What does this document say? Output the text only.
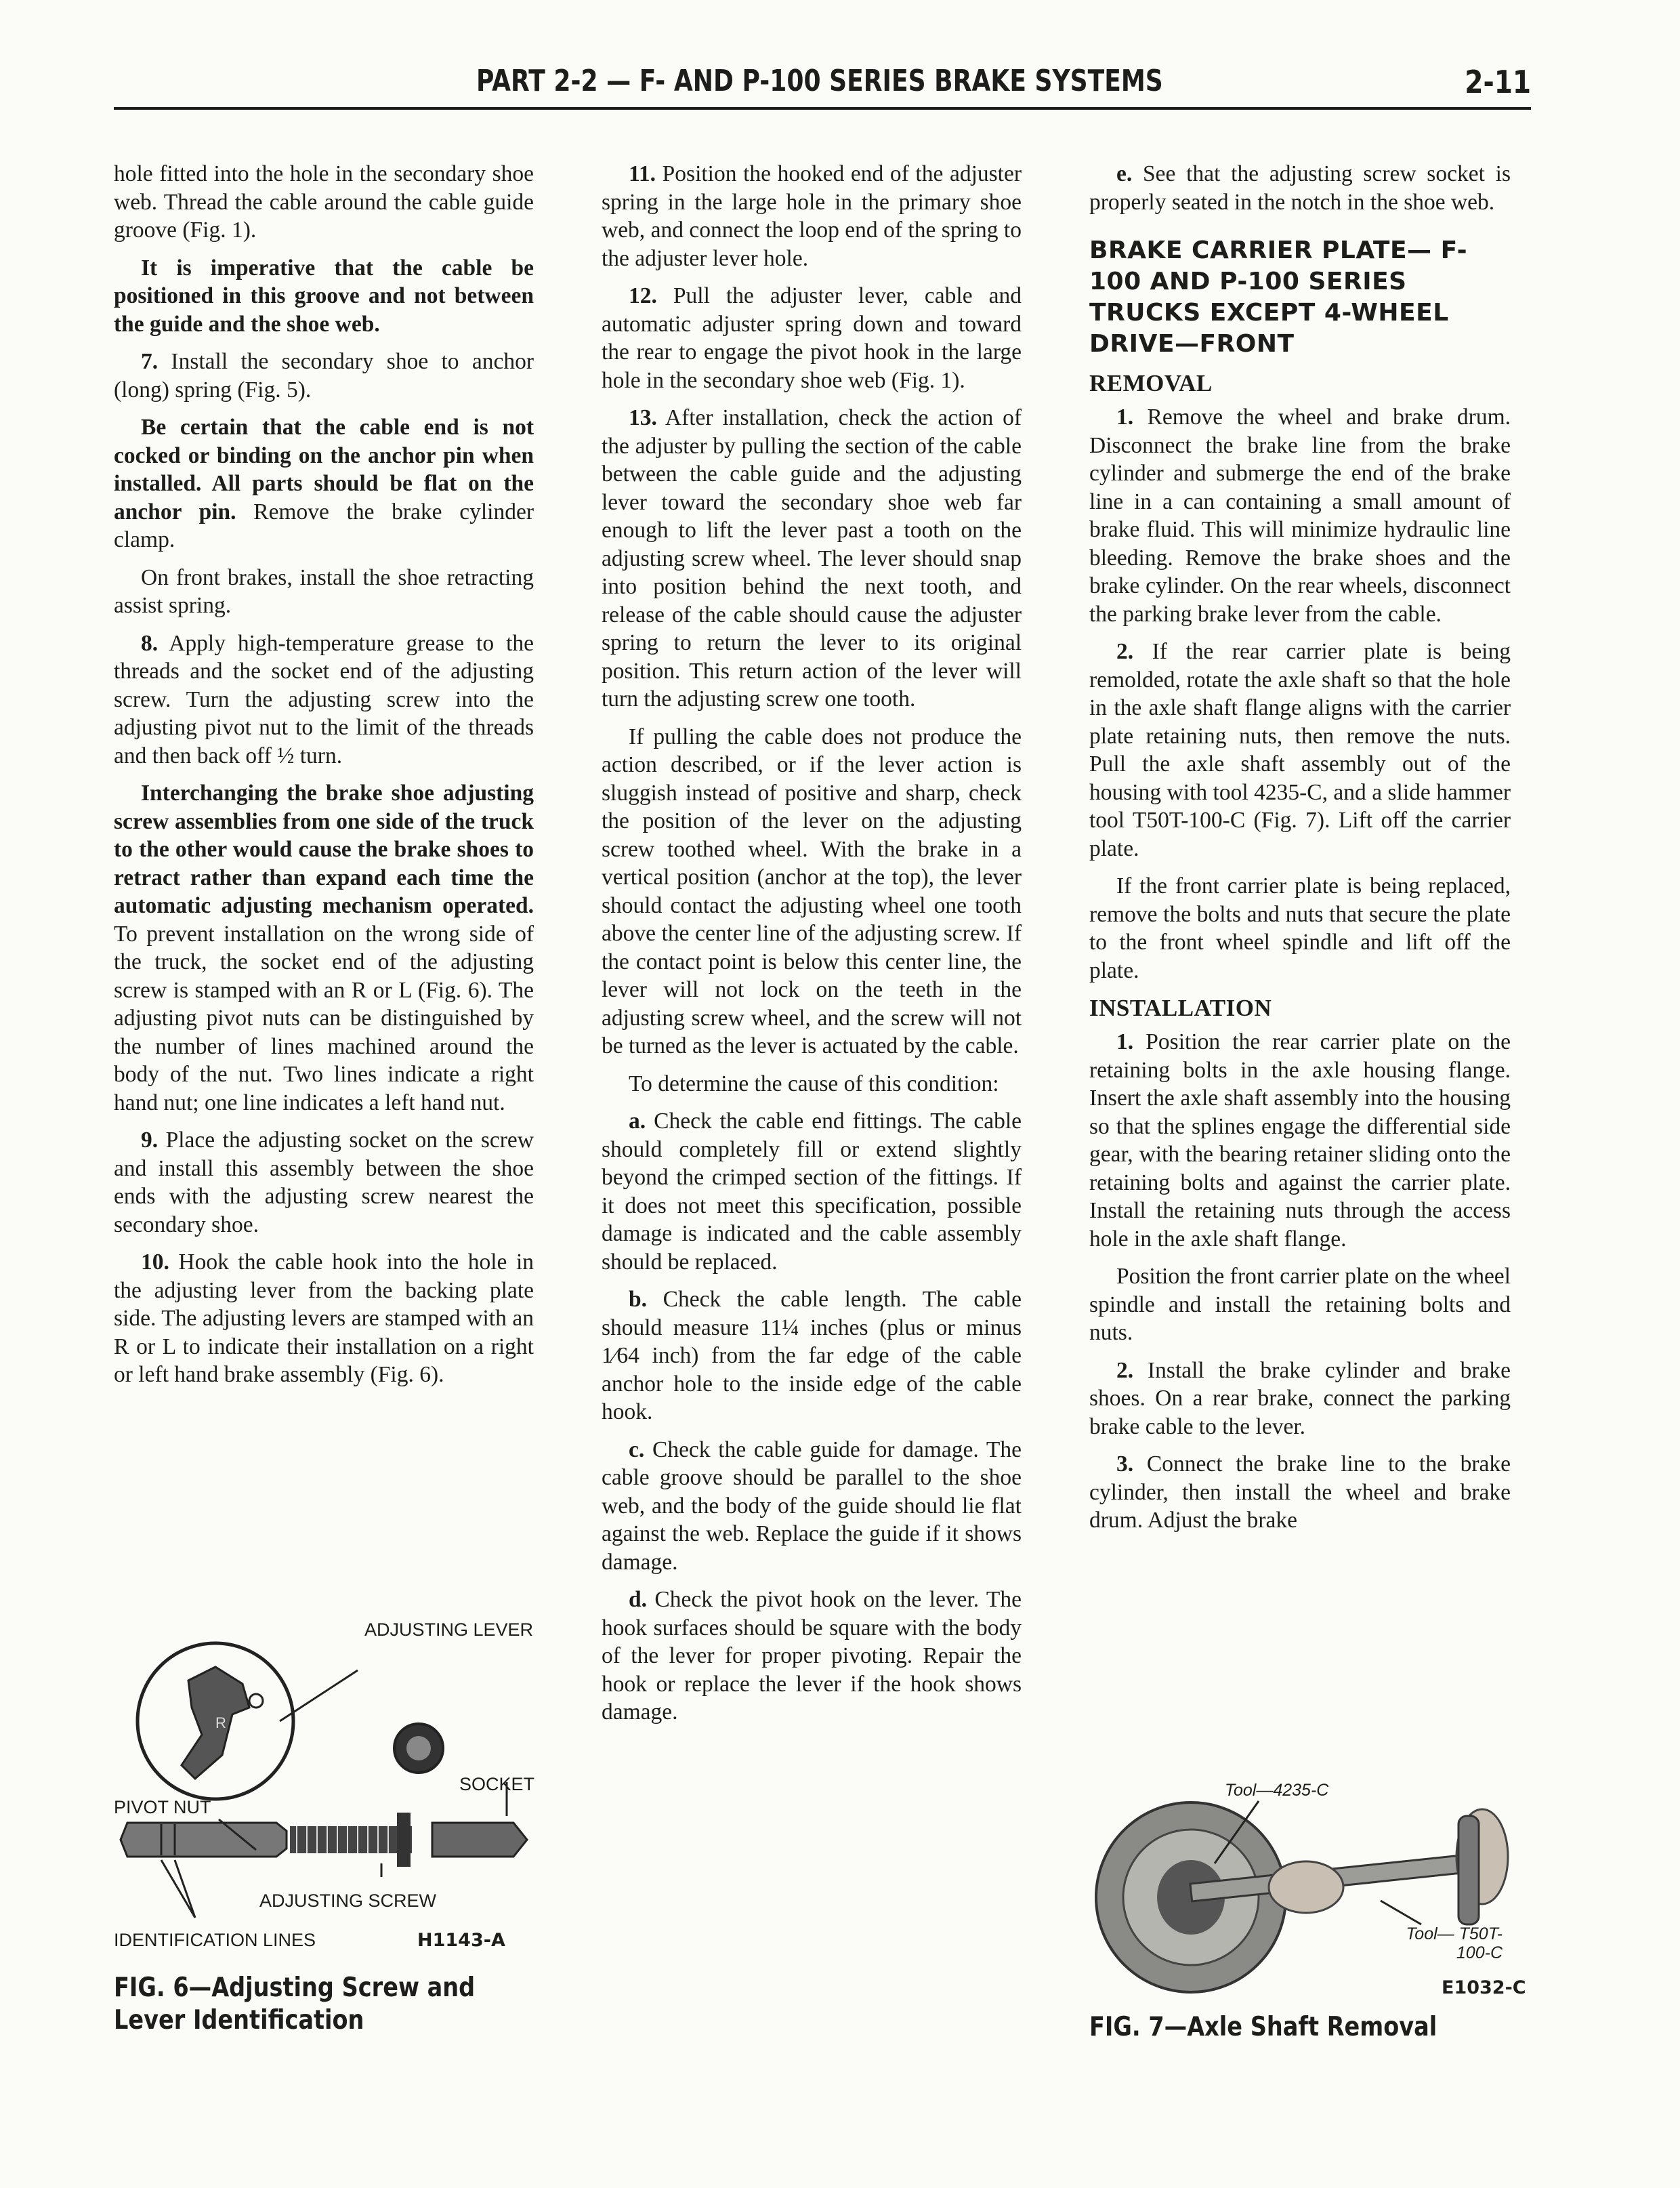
PART 2-2 — F- AND P-100 SERIES BRAKE SYSTEMS	2-11

hole fitted into the hole in the secondary shoe web. Thread the cable around the cable guide groove (Fig. 1).

It is imperative that the cable be positioned in this groove and not between the guide and the shoe web.

7. Install the secondary shoe to anchor (long) spring (Fig. 5).

Be certain that the cable end is not cocked or binding on the anchor pin when installed. All parts should be flat on the anchor pin. Remove the brake cylinder clamp.

On front brakes, install the shoe retracting assist spring.

8. Apply high-temperature grease to the threads and the socket end of the adjusting screw. Turn the adjusting screw into the adjusting pivot nut to the limit of the threads and then back off ½ turn.

Interchanging the brake shoe adjusting screw assemblies from one side of the truck to the other would cause the brake shoes to retract rather than expand each time the automatic adjusting mechanism operated. To prevent installation on the wrong side of the truck, the socket end of the adjusting screw is stamped with an R or L (Fig. 6). The adjusting pivot nuts can be distinguished by the number of lines machined around the body of the nut. Two lines indicate a right hand nut; one line indicates a left hand nut.

9. Place the adjusting socket on the screw and install this assembly between the shoe ends with the adjusting screw nearest the secondary shoe.

10. Hook the cable hook into the hole in the adjusting lever from the backing plate side. The adjusting levers are stamped with an R or L to indicate their installation on a right or left hand brake assembly (Fig. 6).

R
ADJUSTING LEVER
SOCKET
PIVOT NUT
ADJUSTING SCREW
IDENTIFICATION LINES	H1143-A
FIG. 6—Adjusting Screw and Lever Identification

11. Position the hooked end of the adjuster spring in the large hole in the primary shoe web, and connect the loop end of the spring to the adjuster lever hole.

12. Pull the adjuster lever, cable and automatic adjuster spring down and toward the rear to engage the pivot hook in the large hole in the secondary shoe web (Fig. 1).

13. After installation, check the action of the adjuster by pulling the section of the cable between the cable guide and the adjusting lever toward the secondary shoe web far enough to lift the lever past a tooth on the adjusting screw wheel. The lever should snap into position behind the next tooth, and release of the cable should cause the adjuster spring to return the lever to its original position. This return action of the lever will turn the adjusting screw one tooth.

If pulling the cable does not produce the action described, or if the lever action is sluggish instead of positive and sharp, check the position of the lever on the adjusting screw toothed wheel. With the brake in a vertical position (anchor at the top), the lever should contact the adjusting wheel one tooth above the center line of the adjusting screw. If the contact point is below this center line, the lever will not lock on the teeth in the adjusting screw wheel, and the screw will not be turned as the lever is actuated by the cable.

To determine the cause of this condition:

a. Check the cable end fittings. The cable should completely fill or extend slightly beyond the crimped section of the fittings. If it does not meet this specification, possible damage is indicated and the cable assembly should be replaced.

b. Check the cable length. The cable should measure 11¼ inches (plus or minus 1⁄64 inch) from the far edge of the cable anchor hole to the inside edge of the cable hook.

c. Check the cable guide for damage. The cable groove should be parallel to the shoe web, and the body of the guide should lie flat against the web. Replace the guide if it shows damage.

d. Check the pivot hook on the lever. The hook surfaces should be square with the body of the lever for proper pivoting. Repair the hook or replace the lever if the hook shows damage.

e. See that the adjusting screw socket is properly seated in the notch in the shoe web.

BRAKE CARRIER PLATE— F-100 AND P-100 SERIES TRUCKS EXCEPT 4-WHEEL DRIVE—FRONT
REMOVAL

1. Remove the wheel and brake drum. Disconnect the brake line from the brake cylinder and submerge the end of the brake line in a can containing a small amount of brake fluid. This will minimize hydraulic line bleeding. Remove the brake shoes and the brake cylinder. On the rear wheels, disconnect the parking brake lever from the cable.

2. If the rear carrier plate is being remolded, rotate the axle shaft so that the hole in the axle shaft flange aligns with the carrier plate retaining nuts, then remove the nuts. Pull the axle shaft assembly out of the housing with tool 4235-C, and a slide hammer tool T50T-100-C (Fig. 7). Lift off the carrier plate.

If the front carrier plate is being replaced, remove the bolts and nuts that secure the plate to the front wheel spindle and lift off the plate.

INSTALLATION

1. Position the rear carrier plate on the retaining bolts in the axle housing flange. Insert the axle shaft assembly into the housing so that the splines engage the differential side gear, with the bearing retainer sliding onto the retaining bolts and against the carrier plate. Install the retaining nuts through the access hole in the axle shaft flange.

Position the front carrier plate on the wheel spindle and install the retaining bolts and nuts.

2. Install the brake cylinder and brake shoes. On a rear brake, connect the parking brake cable to the lever.

3. Connect the brake line to the brake cylinder, then install the wheel and brake drum. Adjust the brake

Tool—4235-C
Tool— T50T-100-C
E1032-C
FIG. 7—Axle Shaft Removal
